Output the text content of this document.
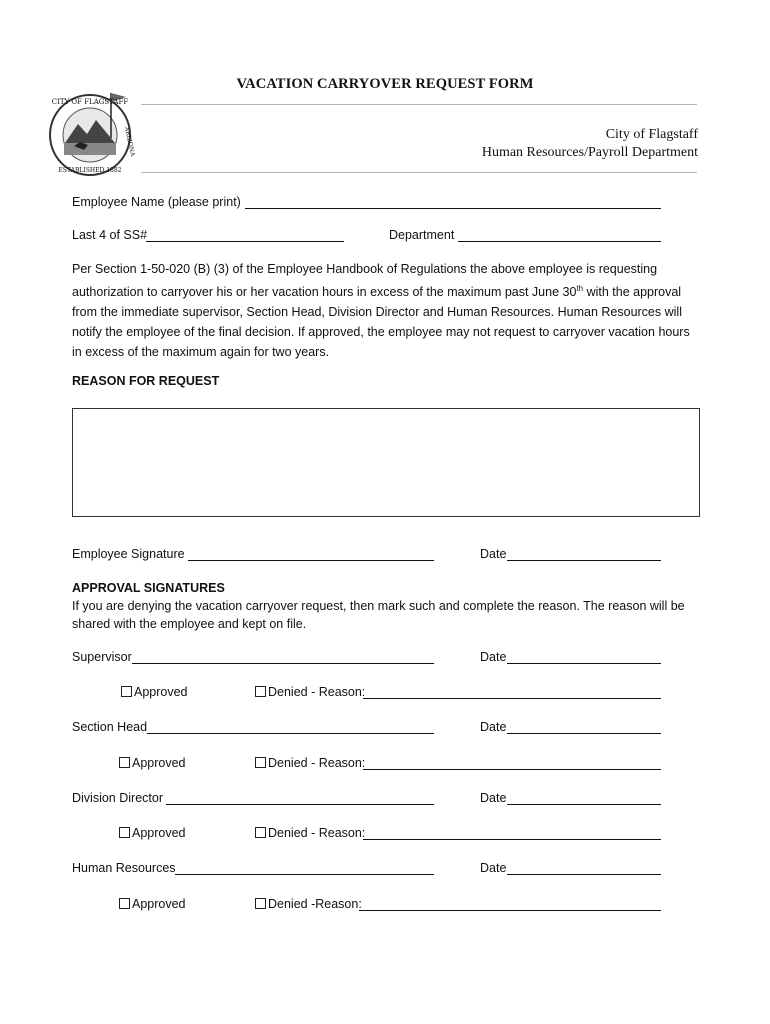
CITY OF FLAGSTAFF
ARIZONA
ESTABLISHED 1882
VACATION CARRYOVER REQUEST FORM
City of Flagstaff
Human Resources/Payroll Department
Employee Name (please print)
Last 4 of SS#	Department
Per Section 1-50-020 (B) (3) of the Employee Handbook of Regulations the above employee is requesting authorization to carryover his or her vacation hours in excess of the maximum past June 30th with the approval from the immediate supervisor, Section Head, Division Director and Human Resources. Human Resources will notify the employee of the final decision. If approved, the employee may not request to carryover vacation hours in excess of the maximum again for two years.
REASON FOR REQUEST
Employee Signature	Date
APPROVAL SIGNATURES
If you are denying the vacation carryover request, then mark such and complete the reason. The reason will be shared with the employee and kept on file.
Supervisor	Date
Approved	Denied - Reason:
Section Head	Date
Approved	Denied - Reason:
Division Director	Date
Approved	Denied - Reason:
Human Resources	Date
Approved	Denied -Reason:
